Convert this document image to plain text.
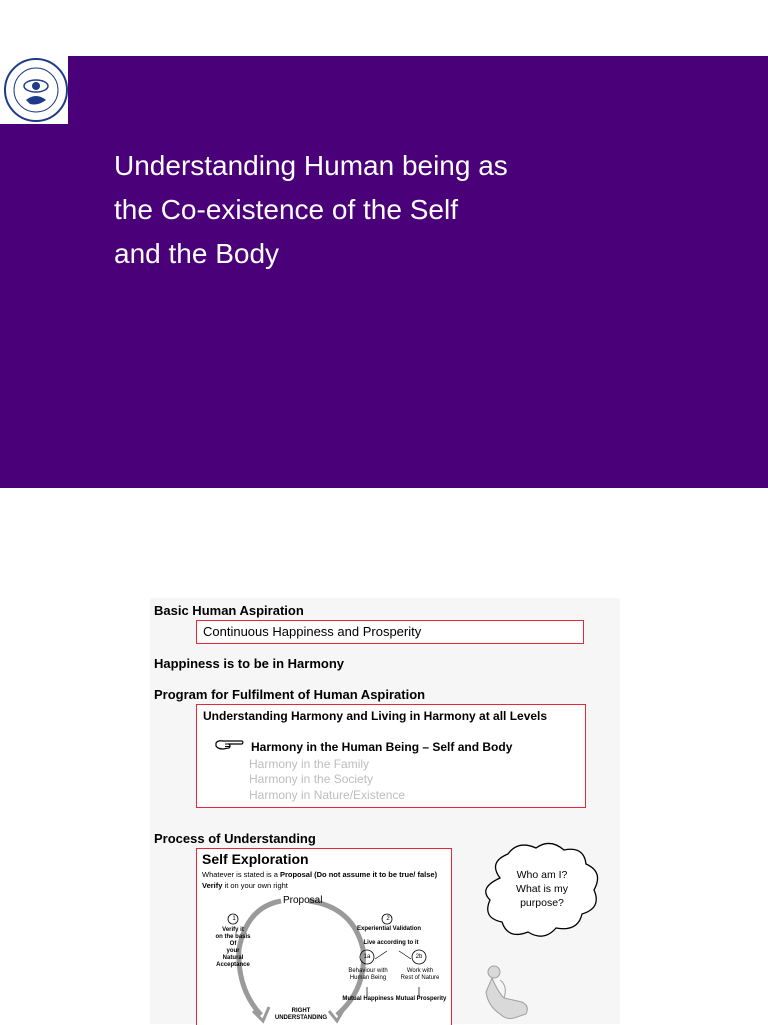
Understanding Human being as
the Co-existence of the Self
and the Body
Basic Human Aspiration
Continuous Happiness and Prosperity
Happiness is to be in Harmony
Program for Fulfilment of Human Aspiration
Understanding Harmony and Living in Harmony at all Levels
Harmony in the Human Being – Self and Body
Harmony in the Family
Harmony in the Society
Harmony in Nature/Existence
Process of Understanding
Self Exploration
Whatever is stated is a Proposal (Do not assume it to be true/ false)
Verify it on your own right
Proposal
1	2
Verify it
on the basis
Of
your
Natural
Acceptance
Experiential Validation
Live according to it
1a	2b
Behaviour with
Human Being
Work with
Rest of Nature
Mutual Happiness Mutual Prosperity
RIGHT
UNDERSTANDING
Who am I?
What is my
purpose?
